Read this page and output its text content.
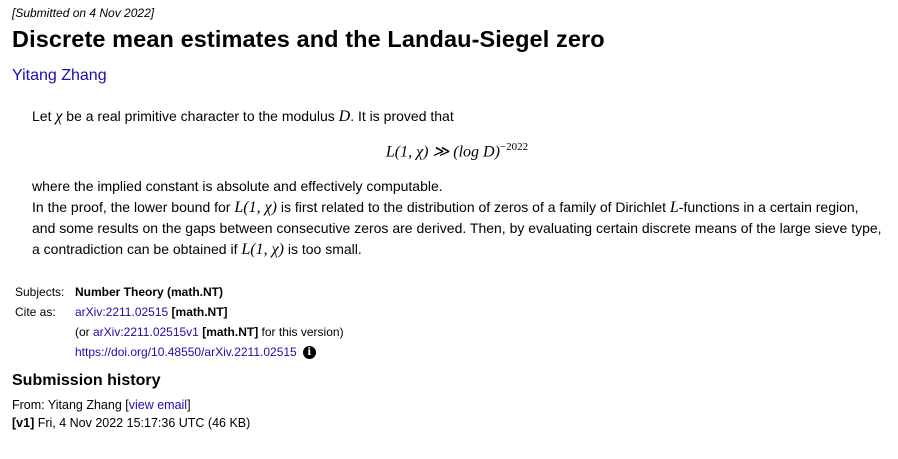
[Submitted on 4 Nov 2022]
Discrete mean estimates and the Landau-Siegel zero
Yitang Zhang

Let χ be a real primitive character to the modulus D. It is proved that

L(1, χ) ≫ (log D)$^{-2022}$

where the implied constant is absolute and effectively computable.

In the proof, the lower bound for L(1, χ) is first related to the distribution of zeros of a family of Dirichlet L-functions in a certain region, and some results on the gaps between consecutive zeros are derived. Then, by evaluating certain discrete means of the large sieve type, a contradiction can be obtained if L(1, χ) is too small.

Subjects: Number Theory (math.NT)
Cite as:	arXiv:2211.02515 [math.NT]
(or arXiv:2211.02515v1 [math.NT] for this version)
https://doi.org/10.48550/arXiv.2211.02515 i
Submission history
From: Yitang Zhang [view email]
[v1] Fri, 4 Nov 2022 15:17:36 UTC (46 KB)
